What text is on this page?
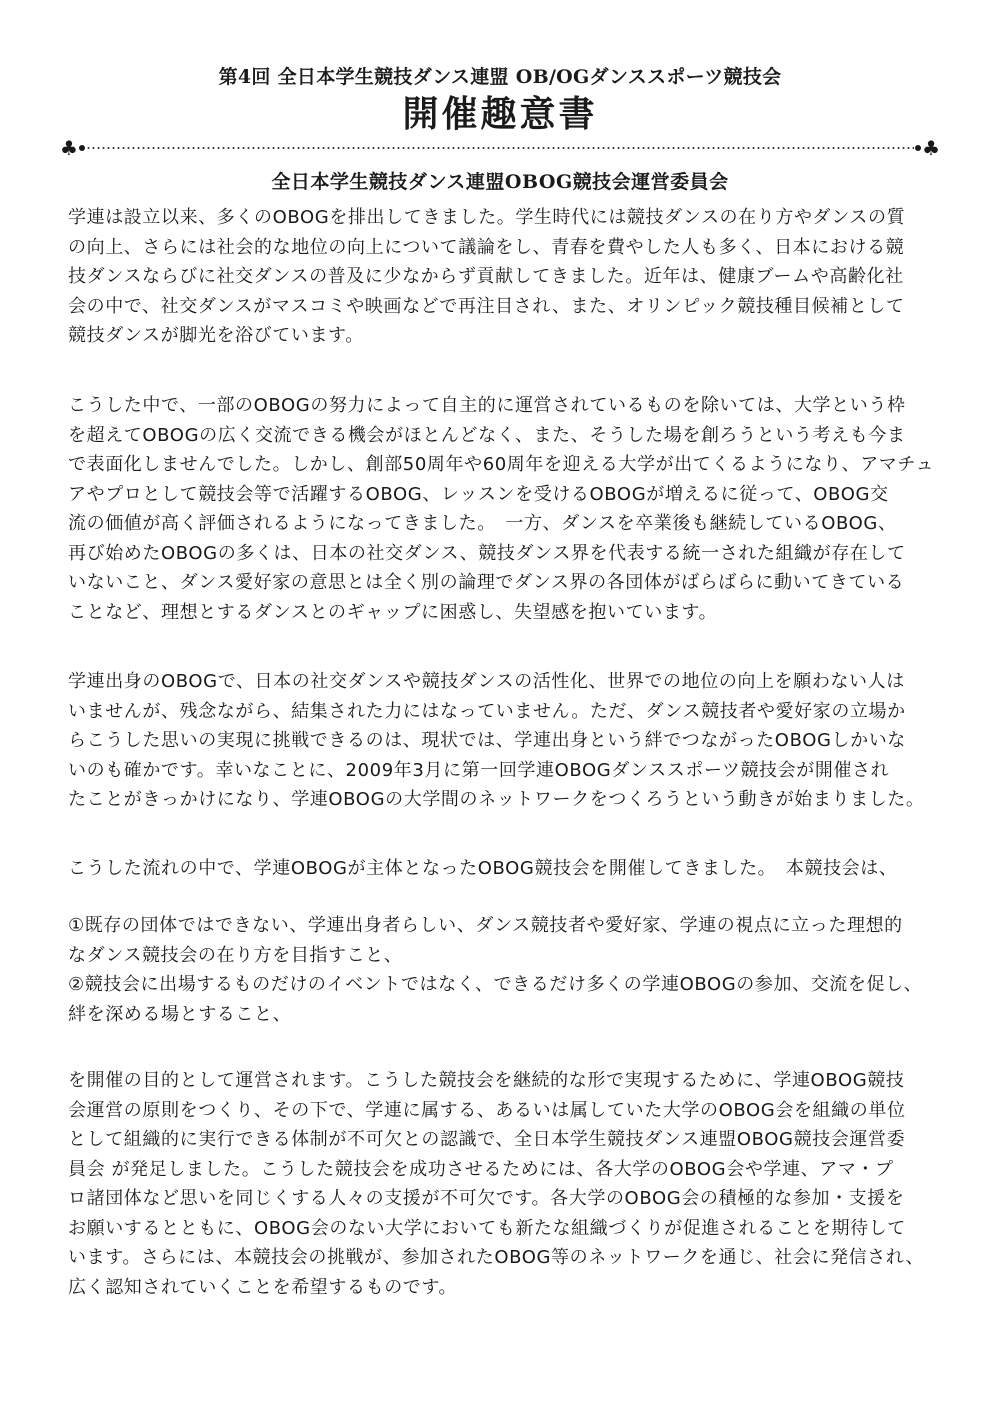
第4回 全日本学生競技ダンス連盟 OB/OGダンススポーツ競技会
開催趣意書
♣	♣
全日本学生競技ダンス連盟OBOG競技会運営委員会

学連は設立以来、多くのOBOGを排出してきました。学生時代には競技ダンスの在り方やダンスの質

の向上、さらには社会的な地位の向上について議論をし、青春を費やした人も多く、日本における競

技ダンスならびに社交ダンスの普及に少なからず貢献してきました。近年は、健康ブームや高齢化社

会の中で、社交ダンスがマスコミや映画などで再注目され、また、オリンピック競技種目候補として

競技ダンスが脚光を浴びています。

こうした中で、一部のOBOGの努力によって自主的に運営されているものを除いては、大学という枠

を超えてOBOGの広く交流できる機会がほとんどなく、また、そうした場を創ろうという考えも今ま

で表面化しませんでした。しかし、創部50周年や60周年を迎える大学が出てくるようになり、アマチュ

アやプロとして競技会等で活躍するOBOG、レッスンを受けるOBOGが増えるに従って、OBOG交

流の価値が高く評価されるようになってきました。　一方、ダンスを卒業後も継続しているOBOG、

再び始めたOBOGの多くは、日本の社交ダンス、競技ダンス界を代表する統一された組織が存在して

いないこと、ダンス愛好家の意思とは全く別の論理でダンス界の各団体がばらばらに動いてきている

ことなど、理想とするダンスとのギャップに困惑し、失望感を抱いています。

学連出身のOBOGで、日本の社交ダンスや競技ダンスの活性化、世界での地位の向上を願わない人は

いませんが、残念ながら、結集された力にはなっていません。ただ、ダンス競技者や愛好家の立場か

らこうした思いの実現に挑戦できるのは、現状では、学連出身という絆でつながったOBOGしかいな

いのも確かです。幸いなことに、2009年3月に第一回学連OBOGダンススポーツ競技会が開催され

たことがきっかけになり、学連OBOGの大学間のネットワークをつくろうという動きが始まりました。

こうした流れの中で、学連OBOGが主体となったOBOG競技会を開催してきました。　本競技会は、

①既存の団体ではできない、学連出身者らしい、ダンス競技者や愛好家、学連の視点に立った理想的

なダンス競技会の在り方を目指すこと、

②競技会に出場するものだけのイベントではなく、できるだけ多くの学連OBOGの参加、交流を促し、

絆を深める場とすること、

を開催の目的として運営されます。こうした競技会を継続的な形で実現するために、学連OBOG競技

会運営の原則をつくり、その下で、学連に属する、あるいは属していた大学のOBOG会を組織の単位

として組織的に実行できる体制が不可欠との認識で、全日本学生競技ダンス連盟OBOG競技会運営委

員会 が発足しました。こうした競技会を成功させるためには、各大学のOBOG会や学連、アマ・プ

ロ諸団体など思いを同じくする人々の支援が不可欠です。各大学のOBOG会の積極的な参加・支援を

お願いするとともに、OBOG会のない大学においても新たな組織づくりが促進されることを期待して

います。さらには、本競技会の挑戦が、参加されたOBOG等のネットワークを通じ、社会に発信され、

広く認知されていくことを希望するものです。
